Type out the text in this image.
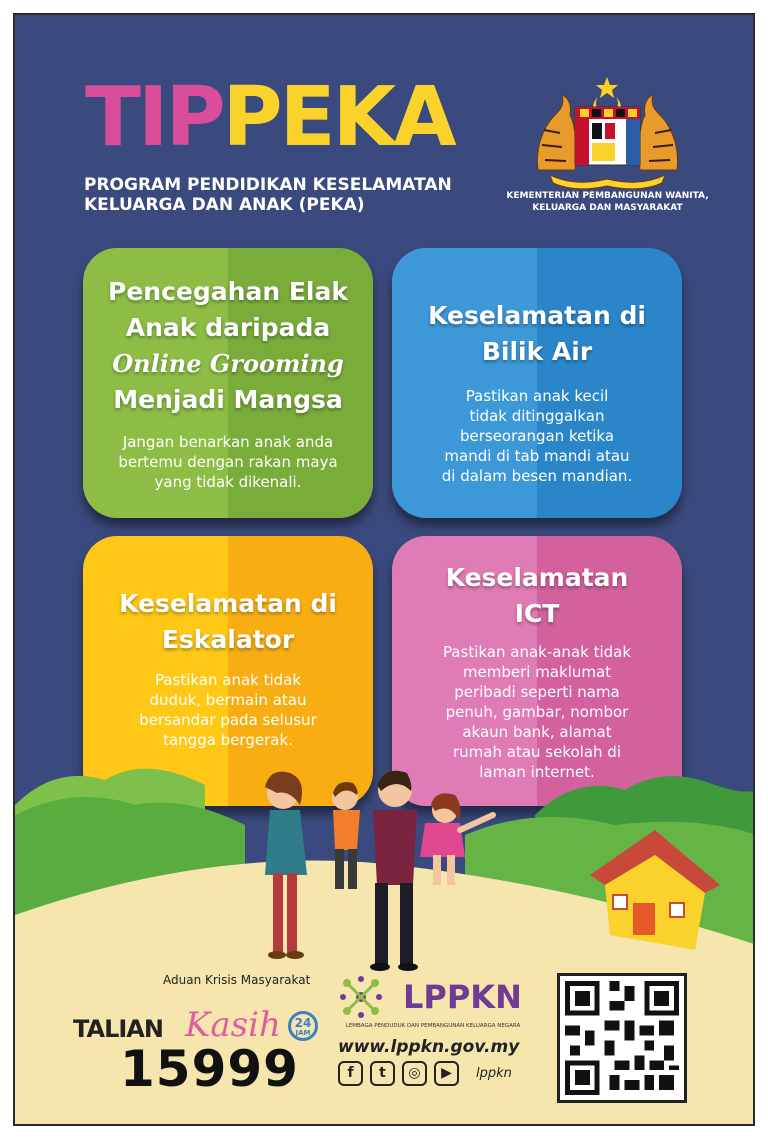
TIPPEKA

PROGRAM PENDIDIKAN KESELAMATAN
KELUARGA DAN ANAK (PEKA)	KEMENTERIAN PEMBANGUNAN WANITA,
KELUARGA DAN MASYARAKAT

Pencegahan Elak
Anak daripada

Online Grooming
Menjadi Mangsa

Jangan benarkan anak anda
bertemu dengan rakan maya
yang tidak dikenali.

Keselamatan di
Bilik Air

Pastikan anak kecil
tidak ditinggalkan
berseorangan ketika
mandi di tab mandi atau
di dalam besen mandian.

Keselamatan di
Eskalator

Pastikan anak tidak
duduk, bermain atau
bersandar pada selusur
tangga bergerak.

Keselamatan
ICT

Pastikan anak-anak tidak
memberi maklumat
peribadi seperti nama
penuh, gambar, nombor
akaun bank, alamat
rumah atau sekolah di
laman internet.

Aduan Krisis Masyarakat

TALIAN Kasih	24
JAM

15999

LPPKN

LEMBAGA PENDUDUK DAN PEMBANGUNAN KELUARGA NEGARA

www.lppkn.gov.my

f	t	◎	▶	lppkn
